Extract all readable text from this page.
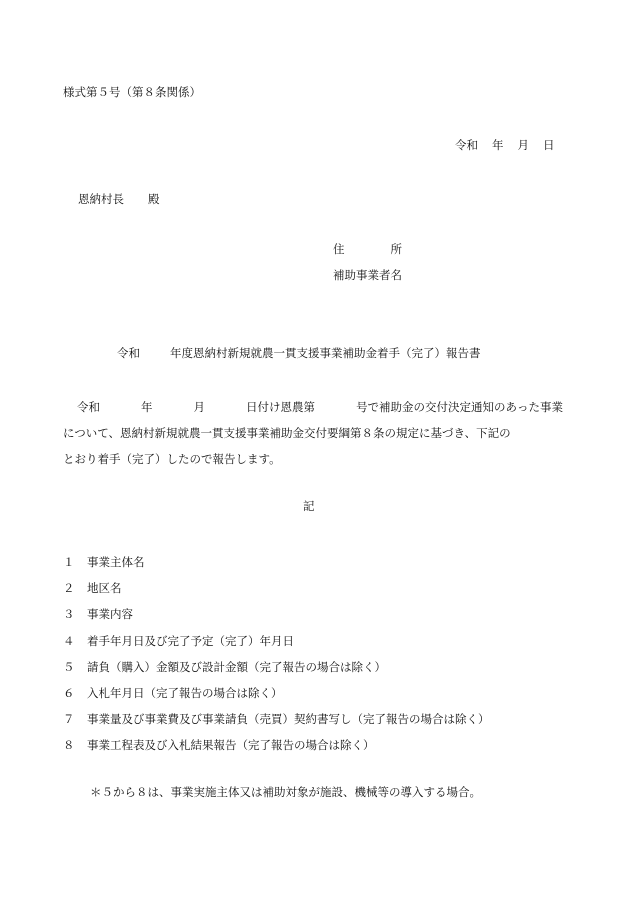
様式第５号（第８条関係）
令和 年 月 日
恩納村長 殿
住	所
補助事業者名
令和	年度恩納村新規就農一貫支援事業補助金着手（完了）報告書
令和	年	月	日付け恩農第	号で補助金の交付決定通知のあった事業
について、恩納村新規就農一貫支援事業補助金交付要綱第８条の規定に基づき、下記の
とおり着手（完了）したので報告します。
記
１ 事業主体名
２ 地区名
３ 事業内容
４ 着手年月日及び完了予定（完了）年月日
５ 請負（購入）金額及び設計金額（完了報告の場合は除く）
６ 入札年月日（完了報告の場合は除く）
７ 事業量及び事業費及び事業請負（売買）契約書写し（完了報告の場合は除く）
８ 事業工程表及び入札結果報告（完了報告の場合は除く）
＊５から８は、事業実施主体又は補助対象が施設、機械等の導入する場合。
